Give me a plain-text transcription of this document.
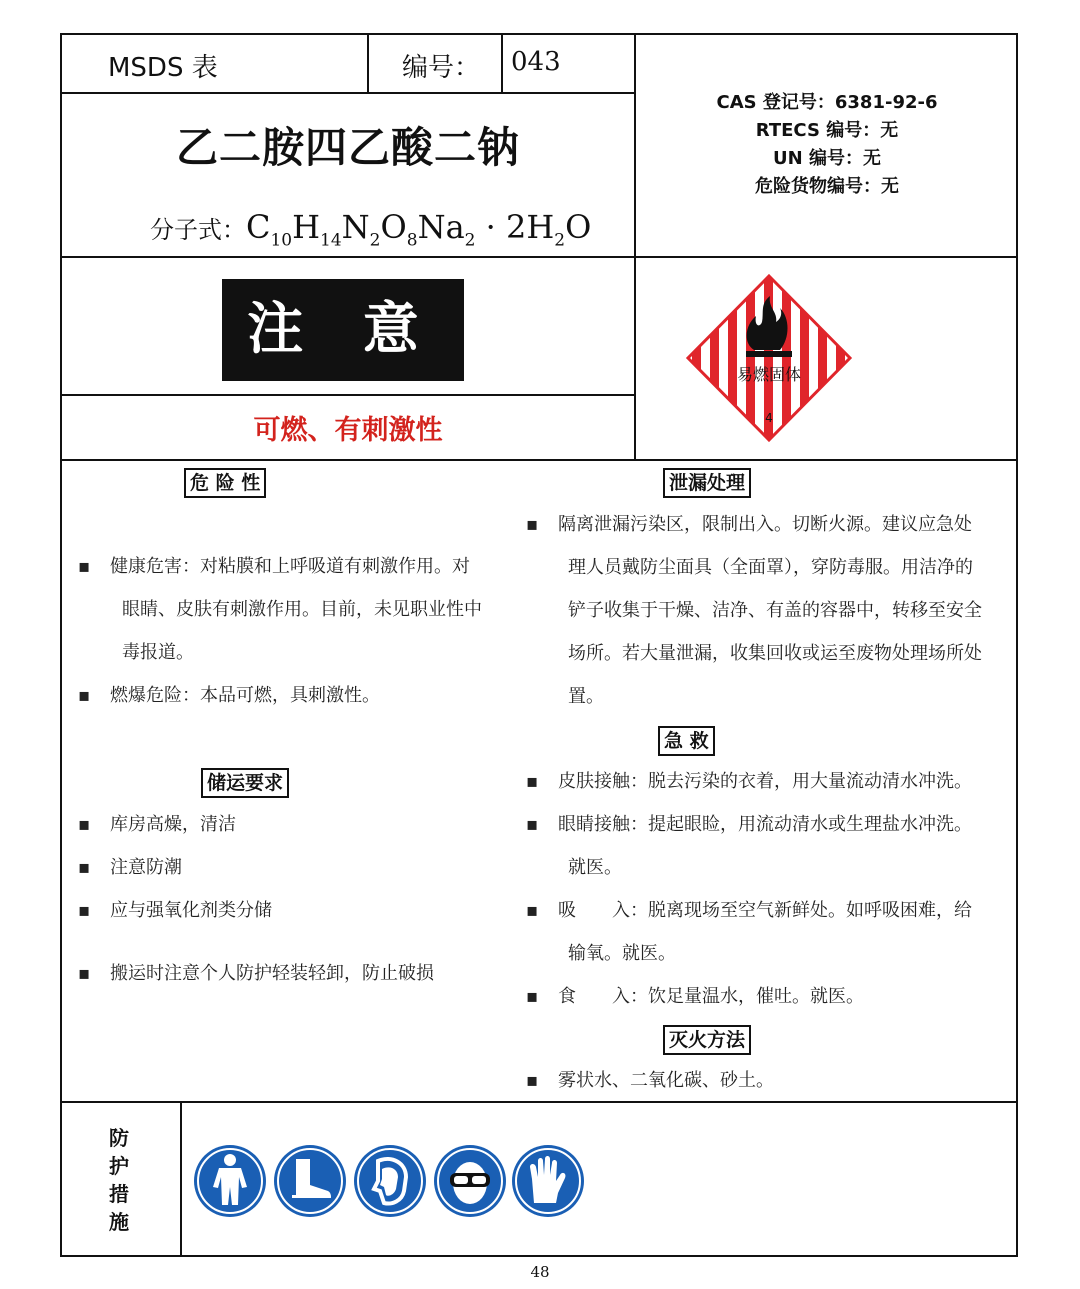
MSDS 表	编号： 043
乙二胺四乙酸二钠
分子式：$C_{10}H_{14}N_2O_8Na_2 \cdot 2H_2O$
CAS 登记号：6381-92-6
RTECS 编号：无
UN 编号：无
危险货物编号：无
注 意
可燃、有刺激性
易燃固体
4
危 险 性
▪ 健康危害：对粘膜和上呼吸道有刺激作用。对
眼睛、皮肤有刺激作用。目前，未见职业性中
毒报道。
▪ 燃爆危险：本品可燃，具刺激性。
储运要求
▪ 库房高燥，清洁
▪ 注意防潮
▪ 应与强氧化剂类分储
▪ 搬运时注意个人防护轻装轻卸，防止破损
泄漏处理
▪ 隔离泄漏污染区，限制出入。切断火源。建议应急处
理人员戴防尘面具（全面罩），穿防毒服。用洁净的
铲子收集于干燥、洁净、有盖的容器中，转移至安全
场所。若大量泄漏，收集回收或运至废物处理场所处
置。
急 救
▪ 皮肤接触：脱去污染的衣着，用大量流动清水冲洗。
▪ 眼睛接触：提起眼睑，用流动清水或生理盐水冲洗。
就医。
▪ 吸　　入：脱离现场至空气新鲜处。如呼吸困难，给
输氧。就医。
▪ 食　　入：饮足量温水，催吐。就医。
灭火方法
▪ 雾状水、二氧化碳、砂土。
防
护
措
施
48
